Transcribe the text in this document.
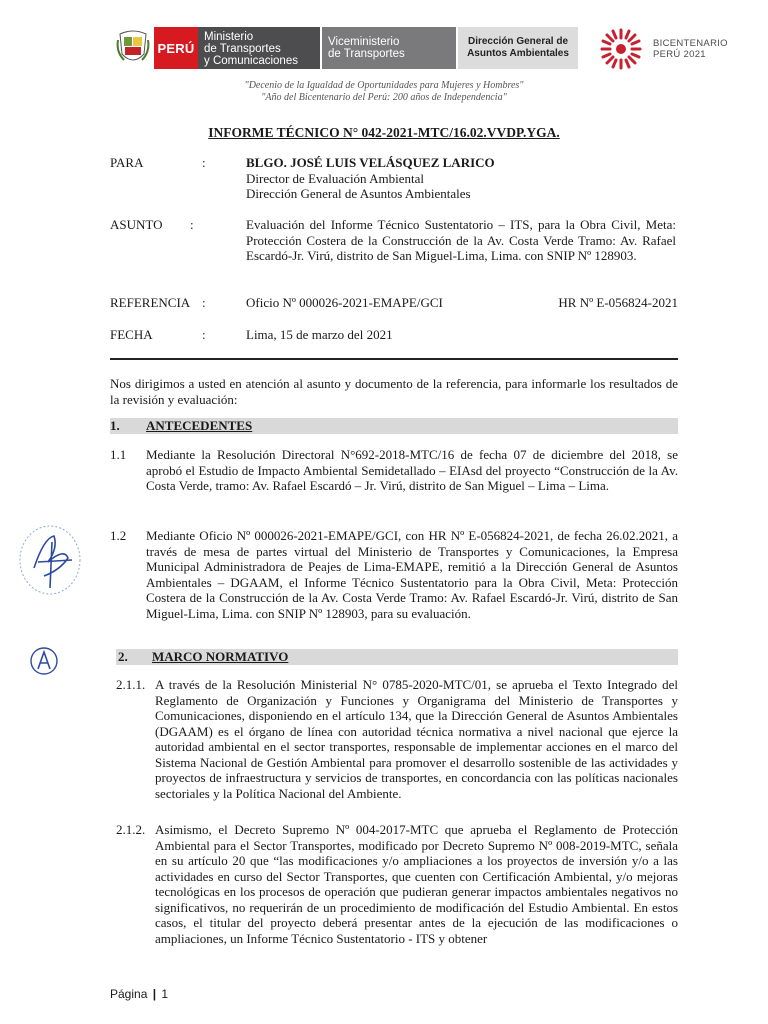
PERÚ
Ministerio
de Transportes
y Comunicaciones
Viceministerio
de Transportes
Dirección General de
Asuntos Ambientales
BICENTENARIO
PERÚ 2021
"Decenio de la Igualdad de Oportunidades para Mujeres y Hombres"
"Año del Bicentenario del Perú: 200 años de Independencia"
INFORME TÉCNICO N° 042-2021-MTC/16.02.VVDP.YGA.
PARA	:	BLGO. JOSÉ LUIS VELÁSQUEZ LARICO
Director de Evaluación Ambiental
Dirección General de Asuntos Ambientales
ASUNTO	:	Evaluación del Informe Técnico Sustentatorio – ITS, para la Obra Civil, Meta: Protección Costera de la Construcción de la Av. Costa Verde Tramo: Av. Rafael Escardó-Jr. Virú, distrito de San Miguel-Lima, Lima. con SNIP Nº 128903.
REFERENCIA :	Oficio Nº 000026-2021-EMAPE/GCI	HR Nº E-056824-2021
FECHA	:	Lima, 15 de marzo del 2021
Nos dirigimos a usted en atención al asunto y documento de la referencia, para informarle los resultados de la revisión y evaluación:
1. ANTECEDENTES
1.1 Mediante la Resolución Directoral N°692-2018-MTC/16 de fecha 07 de diciembre del 2018, se aprobó el Estudio de Impacto Ambiental Semidetallado – EIAsd del proyecto “Construcción de la Av. Costa Verde, tramo: Av. Rafael Escardó – Jr. Virú, distrito de San Miguel – Lima – Lima.
1.2 Mediante Oficio Nº 000026-2021-EMAPE/GCI, con HR Nº E-056824-2021, de fecha 26.02.2021, a través de mesa de partes virtual del Ministerio de Transportes y Comunicaciones, la Empresa Municipal Administradora de Peajes de Lima-EMAPE, remitió a la Dirección General de Asuntos Ambientales – DGAAM, el Informe Técnico Sustentatorio para la Obra Civil, Meta: Protección Costera de la Construcción de la Av. Costa Verde Tramo: Av. Rafael Escardó-Jr. Virú, distrito de San Miguel-Lima, Lima. con SNIP Nº 128903, para su evaluación.
2. MARCO NORMATIVO
2.1.1. A través de la Resolución Ministerial N° 0785-2020-MTC/01, se aprueba el Texto Integrado del Reglamento de Organización y Funciones y Organigrama del Ministerio de Transportes y Comunicaciones, disponiendo en el artículo 134, que la Dirección General de Asuntos Ambientales (DGAAM) es el órgano de línea con autoridad técnica normativa a nivel nacional que ejerce la autoridad ambiental en el sector transportes, responsable de implementar acciones en el marco del Sistema Nacional de Gestión Ambiental para promover el desarrollo sostenible de las actividades y proyectos de infraestructura y servicios de transportes, en concordancia con las políticas nacionales sectoriales y la Política Nacional del Ambiente.
2.1.2. Asimismo, el Decreto Supremo Nº 004-2017-MTC que aprueba el Reglamento de Protección Ambiental para el Sector Transportes, modificado por Decreto Supremo Nº 008-2019-MTC, señala en su artículo 20 que “las modificaciones y/o ampliaciones a los proyectos de inversión y/o a las actividades en curso del Sector Transportes, que cuenten con Certificación Ambiental, y/o mejoras tecnológicas en los procesos de operación que pudieran generar impactos ambientales negativos no significativos, no requerirán de un procedimiento de modificación del Estudio Ambiental. En estos casos, el titular del proyecto deberá presentar antes de la ejecución de las modificaciones o ampliaciones, un Informe Técnico Sustentatorio - ITS y obtener
Página | 1
